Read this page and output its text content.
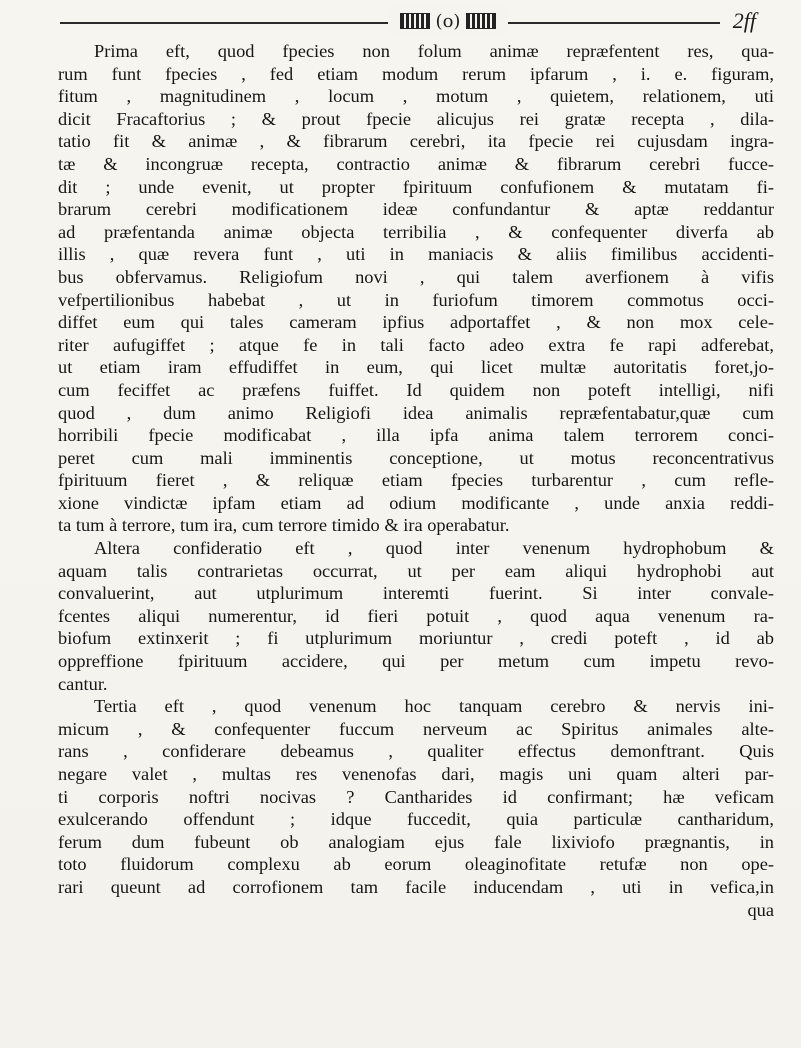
(o)	2ff
Prima eft, quod fpecies non folum animæ repræfentent res, qua-
rum funt fpecies , fed etiam modum rerum ipfarum , i. e. figuram,
fitum , magnitudinem , locum , motum , quietem, relationem, uti
dicit Fracaftorius ; & prout fpecie alicujus rei gratæ recepta , dila-
tatio fit & animæ , & fibrarum cerebri, ita fpecie rei cujusdam ingra-
tæ & incongruæ recepta, contractio animæ & fibrarum cerebri fucce-
dit ; unde evenit, ut propter fpirituum confufionem & mutatam fi-
brarum cerebri modificationem ideæ confundantur & aptæ reddantur
ad præfentanda animæ objecta terribilia , & confequenter diverfa ab
illis , quæ revera funt , uti in maniacis & aliis fimilibus accidenti-
bus obfervamus. Religiofum novi , qui talem averfionem à vifis
vefpertilionibus habebat , ut in furiofum timorem commotus occi-
diffet eum qui tales cameram ipfius adportaffet , & non mox cele-
riter aufugiffet ; atque fe in tali facto adeo extra fe rapi adferebat,
ut etiam iram effudiffet in eum, qui licet multæ autoritatis foret,jo-
cum feciffet ac præfens fuiffet. Id quidem non poteft intelligi, nifi
quod , dum animo Religiofi idea animalis repræfentabatur,quæ cum
horribili fpecie modificabat , illa ipfa anima talem terrorem conci-
peret cum mali imminentis conceptione, ut motus reconcentrativus
fpirituum fieret , & reliquæ etiam fpecies turbarentur , cum refle-
xione vindictæ ipfam etiam ad odium modificante , unde anxia reddi-
ta tum à terrore, tum ira, cum terrore timido & ira operabatur.
Altera confideratio eft , quod inter venenum hydrophobum &
aquam talis contrarietas occurrat, ut per eam aliqui hydrophobi aut
convaluerint, aut utplurimum interemti fuerint. Si inter convale-
fcentes aliqui numerentur, id fieri potuit , quod aqua venenum ra-
biofum extinxerit ; fi utplurimum moriuntur , credi poteft , id ab
oppreffione fpirituum accidere, qui per metum cum impetu revo-
cantur.
Tertia eft , quod venenum hoc tanquam cerebro & nervis ini-
micum , & confequenter fuccum nerveum ac Spiritus animales alte-
rans , confiderare debeamus , qualiter effectus demonftrant. Quis
negare valet , multas res venenofas dari, magis uni quam alteri par-
ti corporis noftri nocivas ? Cantharides id confirmant; hæ veficam
exulcerando offendunt ; idque fuccedit, quia particulæ cantharidum,
ferum dum fubeunt ob analogiam ejus fale lixiviofo prægnantis, in
toto fluidorum complexu ab eorum oleaginofitate retufæ non ope-
rari queunt ad corrofionem tam facile inducendam , uti in vefica,in
qua
